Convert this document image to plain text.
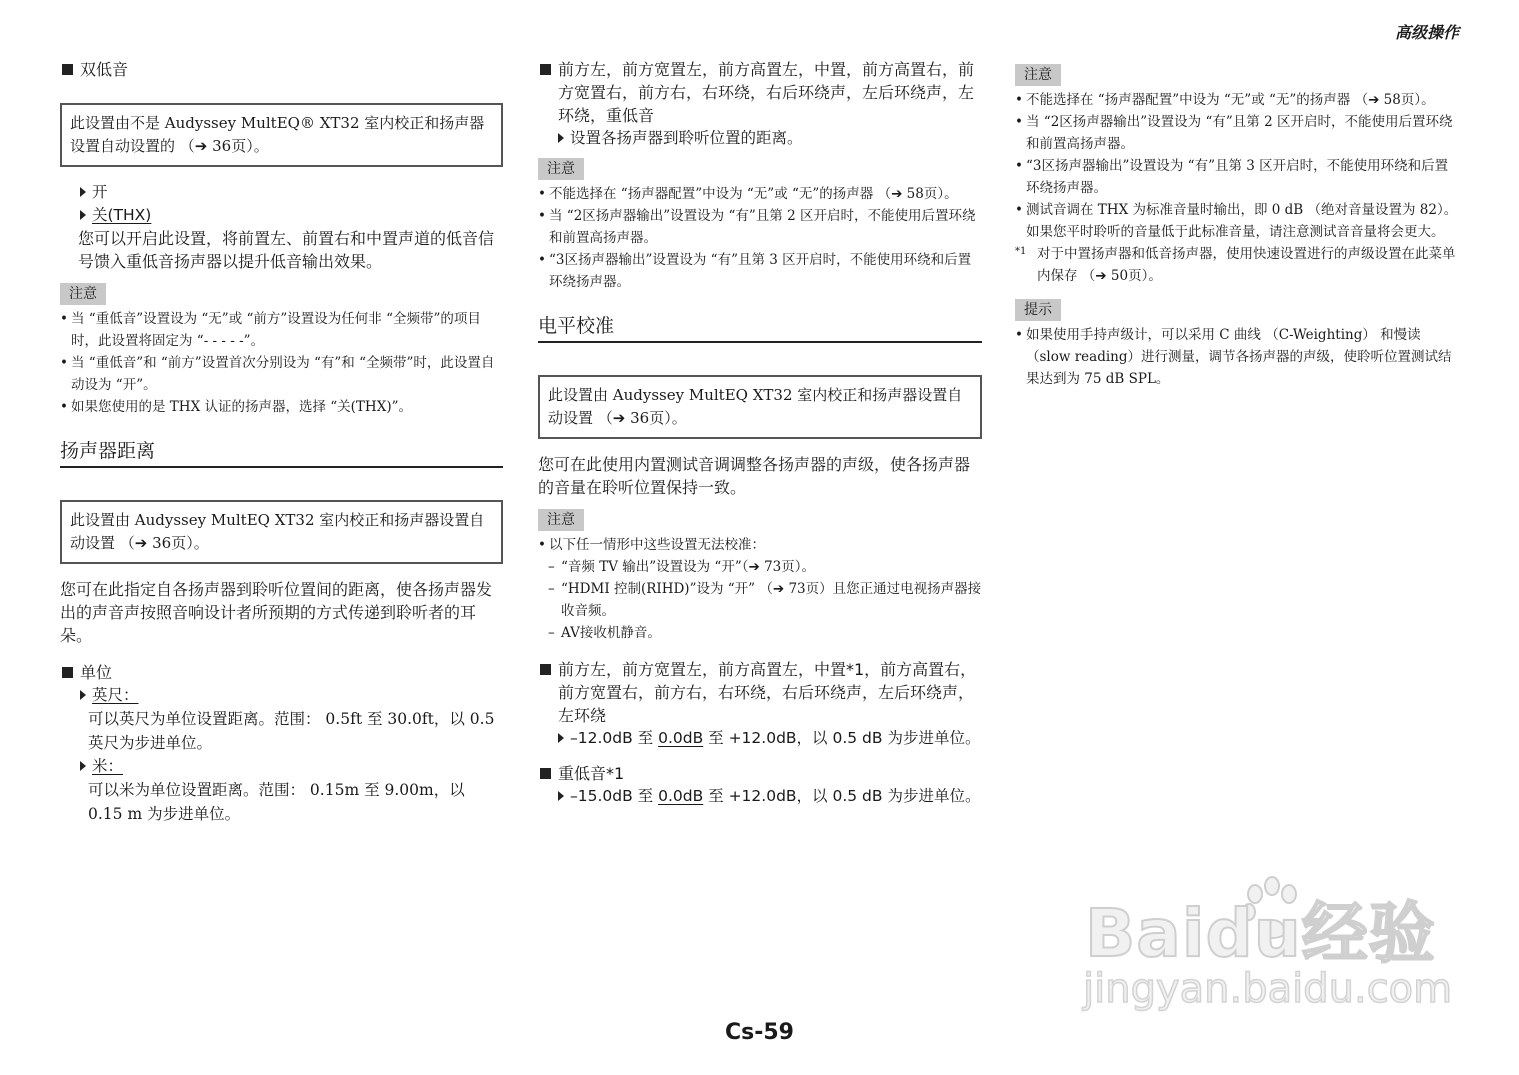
高级操作
双低音
此设置由不是 Audyssey MultEQ® XT32 室内校正和扬声器设置自动设置的 （➔ 36页）。
开
关(THX)
您可以开启此设置，将前置左、前置右和中置声道的低音信号馈入重低音扬声器以提升低音输出效果。
注意
• 当 “重低音”设置设为 “无”或 “前方”设置设为任何非 “全频带”的项目时，此设置将固定为 “- - - - -”。
• 当 “重低音”和 “前方”设置首次分别设为 “有”和 “全频带”时，此设置自动设为 “开”。
• 如果您使用的是 THX 认证的扬声器，选择 “关(THX)”。
扬声器距离
此设置由 Audyssey MultEQ XT32 室内校正和扬声器设置自动设置 （➔ 36页）。
您可在此指定自各扬声器到聆听位置间的距离，使各扬声器发出的声音声按照音响设计者所预期的方式传递到聆听者的耳朵。
单位
英尺：
可以英尺为单位设置距离。范围： 0.5ft 至 30.0ft，以 0.5 英尺为步进单位。
米：
可以米为单位设置距离。范围： 0.15m 至 9.00m，以 0.15 m 为步进单位。
前方左，前方宽置左，前方高置左，中置，前方高置右，前方宽置右，前方右，右环绕，右后环绕声，左后环绕声，左环绕，重低音
设置各扬声器到聆听位置的距离。
注意
• 不能选择在 “扬声器配置”中设为 “无”或 “无”的扬声器 （➔ 58页）。
• 当 “2区扬声器输出”设置设为 “有”且第 2 区开启时，不能使用后置环绕和前置高扬声器。
• “3区扬声器输出”设置设为 “有”且第 3 区开启时，不能使用环绕和后置环绕扬声器。
电平校准
此设置由 Audyssey MultEQ XT32 室内校正和扬声器设置自动设置 （➔ 36页）。
您可在此使用内置测试音调调整各扬声器的声级，使各扬声器的音量在聆听位置保持一致。
注意
• 以下任一情形中这些设置无法校准：
– “音频 TV 输出”设置设为 “开”（➔ 73页）。
– “HDMI 控制(RIHD)”设为 “开” （➔ 73页）且您正通过电视扬声器接收音频。
– AV接收机静音。
前方左，前方宽置左，前方高置左，中置*1，前方高置右，前方宽置右，前方右，右环绕，右后环绕声，左后环绕声，左环绕
–12.0dB 至 0.0dB 至 +12.0dB，以 0.5 dB 为步进单位。
重低音*1
–15.0dB 至 0.0dB 至 +12.0dB，以 0.5 dB 为步进单位。
注意
• 不能选择在 “扬声器配置”中设为 “无”或 “无”的扬声器 （➔ 58页）。
• 当 “2区扬声器输出”设置设为 “有”且第 2 区开启时，不能使用后置环绕和前置高扬声器。
• “3区扬声器输出”设置设为 “有”且第 3 区开启时，不能使用环绕和后置环绕扬声器。
• 测试音调在 THX 为标准音量时输出，即 0 dB （绝对音量设置为 82）。如果您平时聆听的音量低于此标准音量，请注意测试音音量将会更大。
*1 对于中置扬声器和低音扬声器，使用快速设置进行的声级设置在此菜单内保存 （➔ 50页）。
提示
• 如果使用手持声级计，可以采用 C 曲线 （C-Weighting） 和慢读 （slow reading）进行测量，调节各扬声器的声级，使聆听位置测试结果达到为 75 dB SPL。
Baidu经验
jingyan.baidu.com
Cs-59
